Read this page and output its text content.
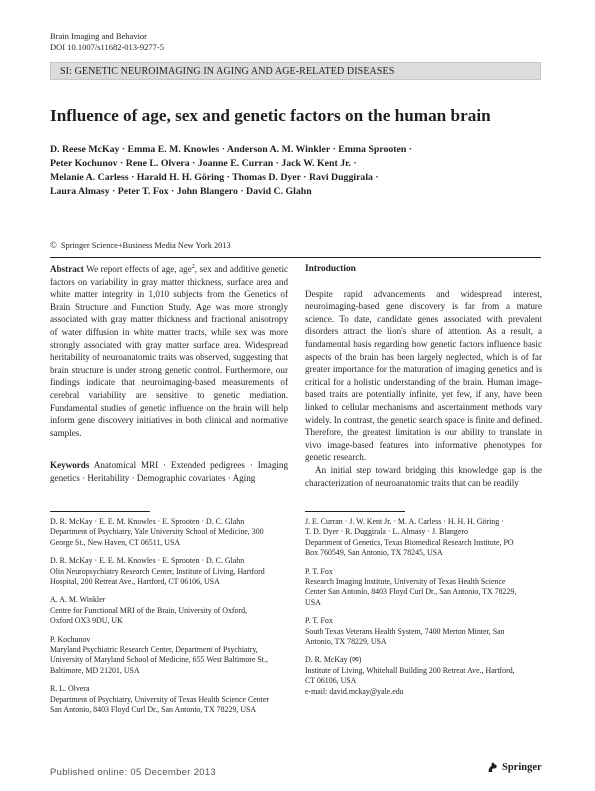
Brain Imaging and Behavior
DOI 10.1007/s11682-013-9277-5
SI: GENETIC NEUROIMAGING IN AGING AND AGE-RELATED DISEASES
Influence of age, sex and genetic factors on the human brain
D. Reese McKay · Emma E. M. Knowles · Anderson A. M. Winkler · Emma Sprooten ·
Peter Kochunov · Rene L. Olvera · Joanne E. Curran · Jack W. Kent Jr. ·
Melanie A. Carless · Harald H. H. Göring · Thomas D. Dyer · Ravi Duggirala ·
Laura Almasy · Peter T. Fox · John Blangero · David C. Glahn
© Springer Science+Business Media New York 2013

Abstract We report effects of age, age$^2$, sex and additive genetic factors on variability in gray matter thickness, surface area and white matter integrity in 1,010 subjects from the Genetics of Brain Structure and Function Study. Age was more strongly associated with gray matter thickness and fractional anisotropy of water diffusion in white matter tracts, while sex was more strongly associated with gray matter surface area. Widespread heritability of neuroanatomic traits was observed, suggesting that brain structure is under strong genetic control. Furthermore, our findings indicate that neuroimaging-based measurements of cerebral variability are sensitive to genetic mediation. Fundamental studies of genetic influence on the brain will help inform gene discovery initiatives in both clinical and normative samples.

Keywords Anatomical MRI · Extended pedigrees · Imaging genetics · Heritability · Demographic covariates · Aging

Introduction

Despite rapid advancements and widespread interest, neuroimaging-based gene discovery is far from a mature science. To date, candidate genes associated with prevalent disorders attract the lion's share of attention. As a result, a fundamental basis regarding how genetic factors influence basic aspects of the brain has been largely neglected, which is of far greater importance for the maturation of imaging genetics and is critical for a holistic understanding of the brain. Human image-based traits are potentially infinite, yet few, if any, have been linked to cellular mechanisms and ascertainment methods vary widely. In contrast, the genetic search space is finite and defined. Therefore, the greatest limitation is our ability to translate in vivo image-based features into informative phenotypes for genetic research.

An initial step toward bridging this knowledge gap is the characterization of neuroanatomic traits that can be readily

D. R. McKay · E. E. M. Knowles · E. Sprooten · D. C. Glahn

Department of Psychiatry, Yale University School of Medicine, 300

George St., New Haven, CT 06511, USA

D. R. McKay · E. E. M. Knowles · E. Sprooten · D. C. Glahn

Olin Neuropsychiatry Research Center, Institute of Living, Hartford

Hospital, 200 Retreat Ave., Hartford, CT 06106, USA

A. A. M. Winkler

Centre for Functional MRI of the Brain, University of Oxford,

Oxford OX3 9DU, UK

P. Kochunov

Maryland Psychiatric Research Center, Department of Psychiatry,

University of Maryland School of Medicine, 655 West Baltimore St.,

Baltimore, MD 21201, USA

R. L. Olvera

Department of Psychiatry, University of Texas Health Science Center

San Antonio, 8403 Floyd Curl Dr., San Antonio, TX 78229, USA

J. E. Curran · J. W. Kent Jr. · M. A. Carless · H. H. H. Göring ·

T. D. Dyer · R. Duggirala · L. Almasy · J. Blangero

Department of Genetics, Texas Biomedical Research Institute, PO

Box 760549, San Antonio, TX 78245, USA

P. T. Fox

Research Imaging Institute, University of Texas Health Science

Center San Antonio, 8403 Floyd Curl Dr., San Antonio, TX 78229,

USA

P. T. Fox

South Texas Veterans Health System, 7400 Merton Minter, San

Antonio, TX 78229, USA

D. R. McKay (✉)

Institute of Living, Whitehall Building 200 Retreat Ave., Hartford,

CT 06106, USA

e-mail: david.mckay@yale.edu

Published online: 05 December 2013	Springer
